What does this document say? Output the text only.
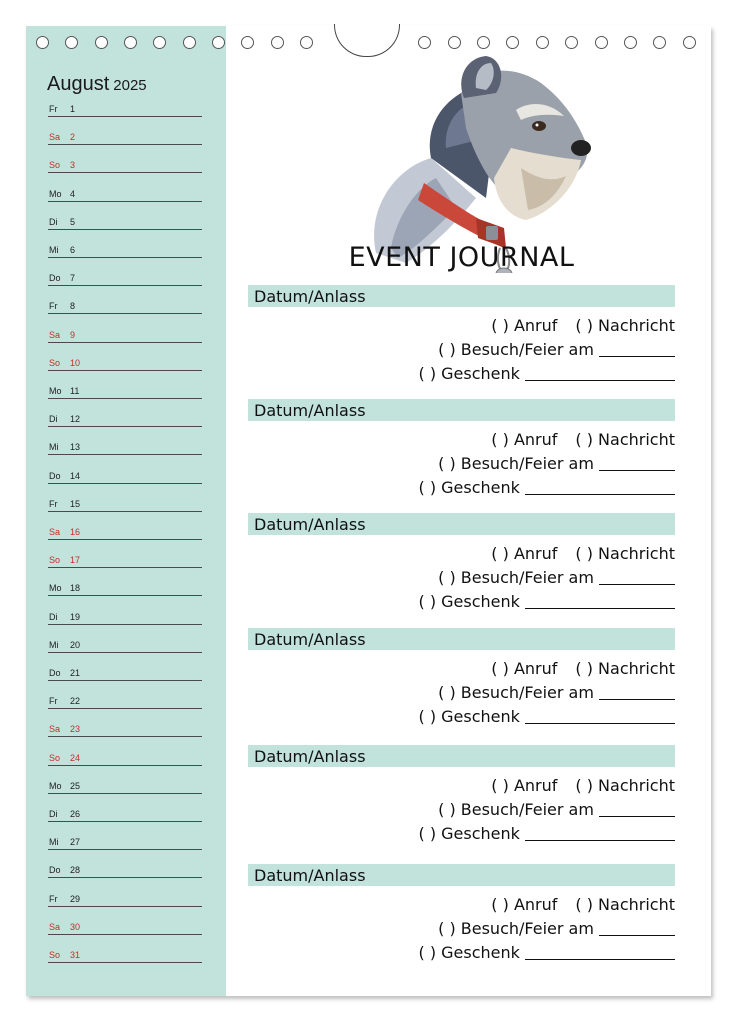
August 2025
Fr 1
Sa 2
So 3
Mo 4
Di 5
Mi 6
Do 7
Fr 8
Sa 9
So 10
Mo 11
Di 12
Mi 13
Do 14
Fr 15
Sa 16
So 17
Mo 18
Di 19
Mi 20
Do 21
Fr 22
Sa 23
So 24
Mo 25
Di 26
Mi 27
Do 28
Fr 29
Sa 30
So 31
EVENT JOURNAL
Datum/Anlass
( ) Anruf ( ) Nachricht
( ) Besuch/Feier am
( ) Geschenk
Datum/Anlass
( ) Anruf ( ) Nachricht
( ) Besuch/Feier am
( ) Geschenk
Datum/Anlass
( ) Anruf ( ) Nachricht
( ) Besuch/Feier am
( ) Geschenk
Datum/Anlass
( ) Anruf ( ) Nachricht
( ) Besuch/Feier am
( ) Geschenk
Datum/Anlass
( ) Anruf ( ) Nachricht
( ) Besuch/Feier am
( ) Geschenk
Datum/Anlass
( ) Anruf ( ) Nachricht
( ) Besuch/Feier am
( ) Geschenk
